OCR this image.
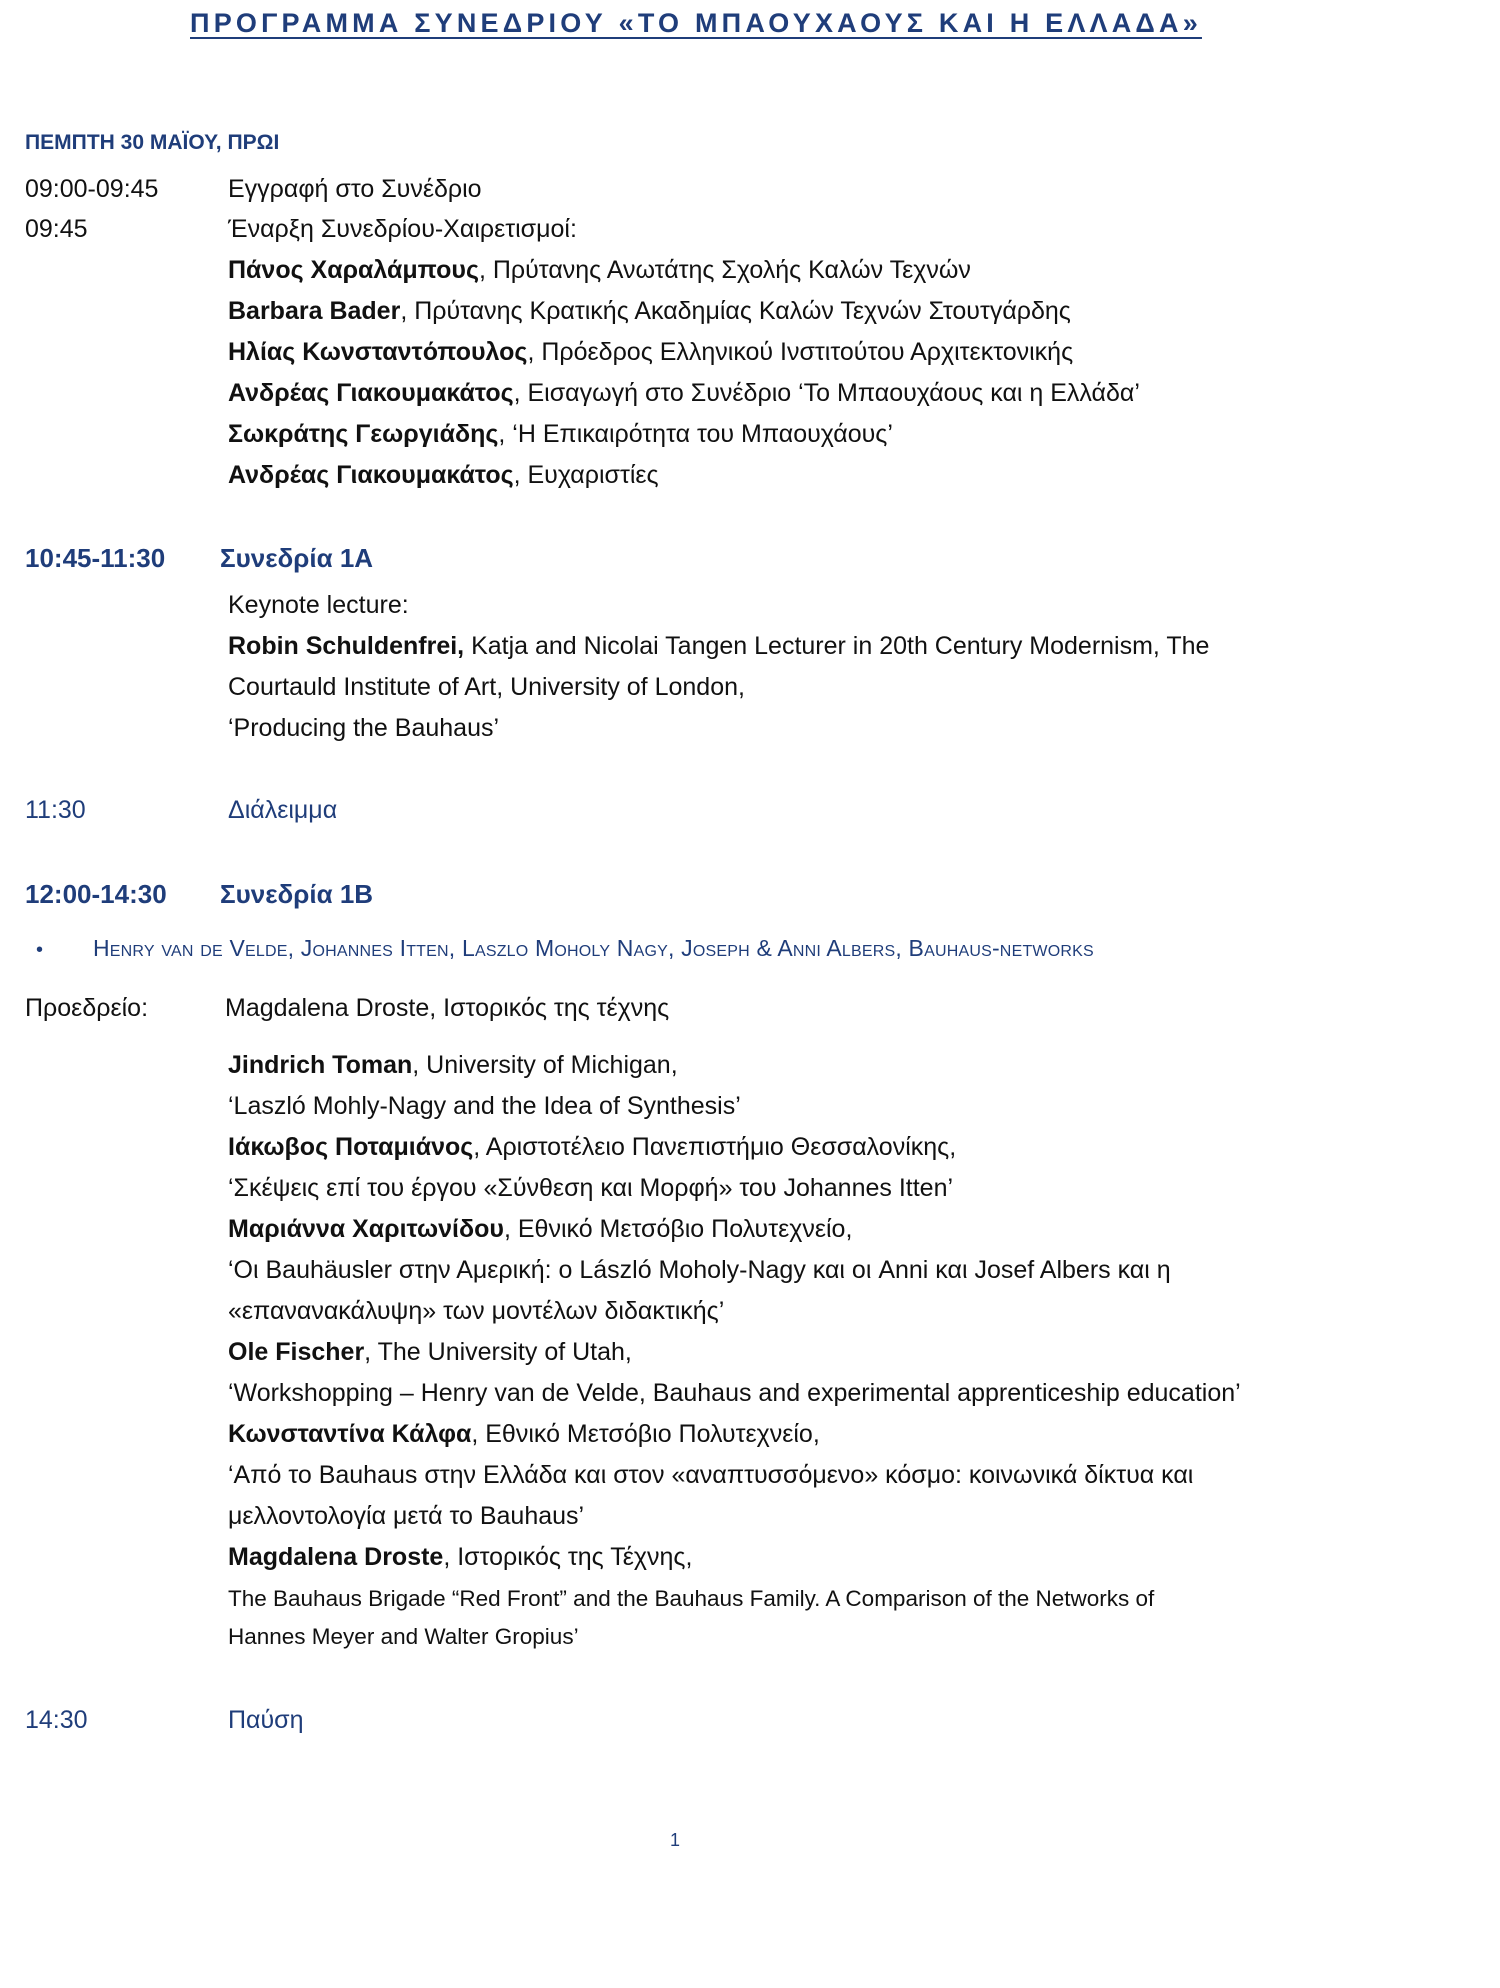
ΠΡΟΓΡΑΜΜΑ ΣΥΝΕΔΡΙΟΥ «ΤΟ ΜΠΑΟΥΧΑΟΥΣ ΚΑΙ Η ΕΛΛΑΔΑ»
ΠΕΜΠΤΗ 30 ΜΑΪΟΥ, ΠΡΩΙ
09:00-09:45	Εγγραφή στο Συνέδριο
09:45	Έναρξη Συνεδρίου-Χαιρετισμοί:
Πάνος Χαραλάμπους, Πρύτανης Ανωτάτης Σχολής Καλών Τεχνών
Barbara Bader, Πρύτανης Κρατικής Ακαδημίας Καλών Τεχνών Στουτγάρδης
Ηλίας Κωνσταντόπουλος, Πρόεδρος Ελληνικού Ινστιτούτου Αρχιτεκτονικής
Ανδρέας Γιακουμακάτος, Εισαγωγή στο Συνέδριο ‘Το Μπαουχάους και η Ελλάδα’
Σωκράτης Γεωργιάδης, ‘Η Επικαιρότητα του Μπαουχάους’
Ανδρέας Γιακουμακάτος, Ευχαριστίες
10:45-11:30 Συνεδρία 1Α
Keynote lecture:
Robin Schuldenfrei, Katja and Nicolai Tangen Lecturer in 20th Century Modernism, The
Courtauld Institute of Art, University of London,
‘Producing the Bauhaus’
11:30	Διάλειμμα
12:00-14:30 Συνεδρία 1Β
• Henry van de Velde, Johannes Itten, Laszlo Moholy Nagy, Joseph & Anni Albers, Bauhaus-networks
Προεδρείο:	Magdalena Droste, Ιστορικός της τέχνης
Jindrich Toman, University of Michigan,
‘Laszló Mohly-Nagy and the Idea of Synthesis’
Ιάκωβος Ποταμιάνος, Αριστοτέλειο Πανεπιστήμιο Θεσσαλονίκης,
‘Σκέψεις επί του έργου «Σύνθεση και Μορφή» του Johannes Itten’
Μαριάννα Χαριτωνίδου, Εθνικό Μετσόβιο Πολυτεχνείο,
‘Οι Bauhäusler στην Αμερική: ο László Moholy-Nagy και οι Anni και Josef Albers και η
«επανανακάλυψη» των μοντέλων διδακτικής’
Ole Fischer, The University of Utah,
‘Workshopping – Henry van de Velde, Bauhaus and experimental apprenticeship education’
Κωνσταντίνα Κάλφα, Εθνικό Μετσόβιο Πολυτεχνείο,
‘Από το Bauhaus στην Ελλάδα και στον «αναπτυσσόμενο» κόσμο: κοινωνικά δίκτυα και
μελλοντολογία μετά το Bauhaus’
Magdalena Droste, Ιστορικός της Τέχνης,
The Bauhaus Brigade “Red Front” and the Bauhaus Family. A Comparison of the Networks of
Hannes Meyer and Walter Gropius’
14:30	Παύση
1
